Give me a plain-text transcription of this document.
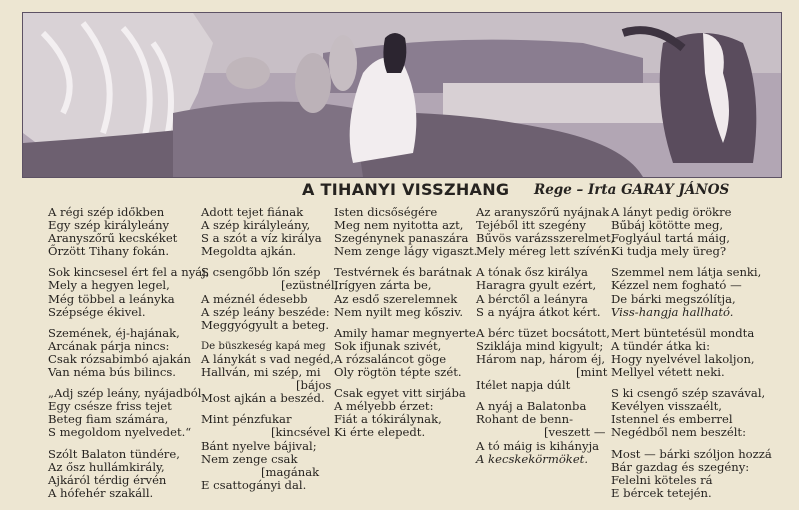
A TIHANYI VISSZHANG Rege – Irta GARAY JÁNOS
A régi szép időkben
Egy szép királyleány
Aranyszőrű kecskéket
Őrzött Tihany fokán.
Sok kincsesel ért fel a nyáj,
Mely a hegyen legel,
Még többel a leányka
Szépsége ékivel.
Szemének, éj-hajának,
Arcának párja nincs:
Csak rózsabimbó ajakán
Van néma bús bilincs.
„Adj szép leány, nyájadból
Egy csésze friss tejet
Beteg fiam számára,
S megoldom nyelvedet.“
Szólt Balaton tündére,
Az ősz hullámkirály,
Ajkáról térdig érvén
A hófehér szakáll.
Adott tejet fiának
A szép királyleány,
S a szót a víz királya
Megoldta ajkán.
S csengőbb lőn szép
[ezüstnél,
A méznél édesebb
A szép leány beszéde:
Meggyógyult a beteg.
De büszkeség kapá meg
A lánykát s vad negéd,
Hallván, mi szép, mi
[bájos
Most ajkán a beszéd.
Mint pénzfukar
[kincsével
Bánt nyelve bájival;
Nem zenge csak
[magának
E csattogányi dal.
Isten dicsőségére
Meg nem nyitotta azt,
Szegénynek panaszára
Nem zenge lágy vigaszt.
Testvérnek és barátnak
Irígyen zárta be,
Az esdő szerelemnek
Nem nyilt meg kősziv.
Amily hamar megnyerte
Sok ifjunak szivét,
A rózsaláncot göge
Oly rögtön tépte szét.
Csak egyet vitt sirjába
A mélyebb érzet:
Fiát a tókirálynak,
Ki érte elepedt.
Az aranyszőrű nyájnak
Tejéből itt szegény
Bűvös varázsszerelmet,
Mely méreg lett szívén.
A tónak ősz királya
Haragra gyult ezért,
A bérctől a leányra
S a nyájra átkot kért.
A bérc tüzet bocsátott,
Sziklája mind kigyult;
Három nap, három éj,
[mint
Itélet napja dúlt
A nyáj a Balatonba
Rohant de benn-
[veszett —
A tó máig is kihányja
A kecskekörmöket.
A lányt pedig örökre
Bűbáj kötötte meg,
Foglyául tartá máig,
Ki tudja mely üreg?
Szemmel nem látja senki,
Kézzel nem fogható —
De bárki megszólítja,
Viss-hangja hallható.
Mert büntetésül mondta
A tündér átka ki:
Hogy nyelvével lakoljon,
Mellyel vétett neki.
S ki csengő szép szavával,
Kevélyen visszaélt,
Istennel és emberrel
Negédből nem beszélt:
Most — bárki szóljon hozzá
Bár gazdag és szegény:
Felelni köteles rá
E bércek tetején.
